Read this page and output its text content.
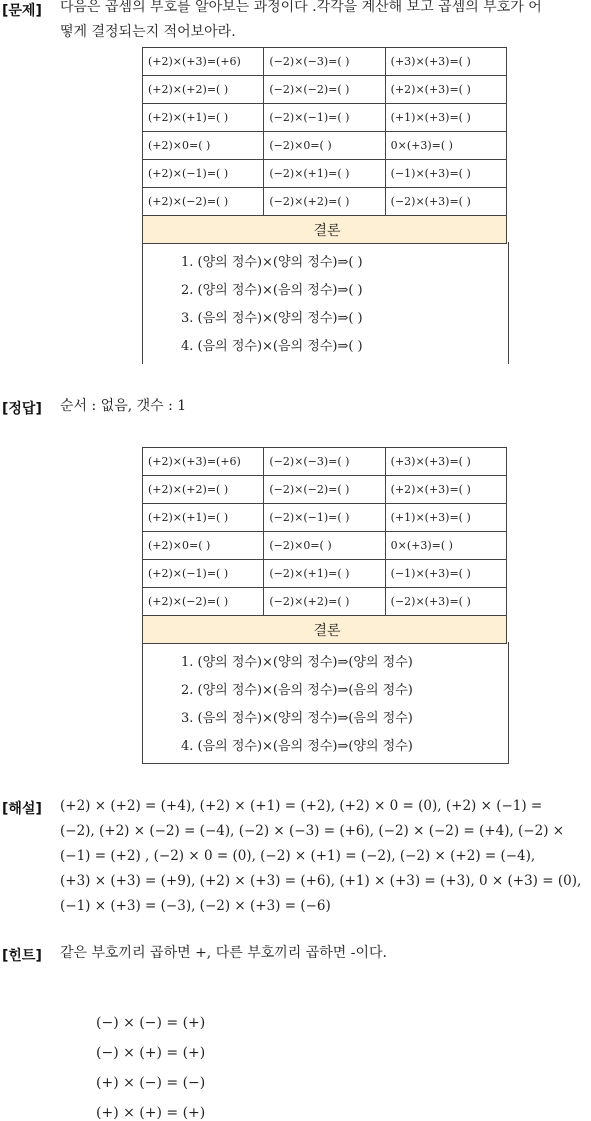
[문제] 다음은 곱셈의 부호를 알아보는 과정이다 .각각을 계산해 보고 곱셈의 부호가 어
떻게 결정되는지 적어보아라.
(+2)×(+3)=(+6)	(−2)×(−3)=( )	(+3)×(+3)=( )
(+2)×(+2)=( )	(−2)×(−2)=( )	(+2)×(+3)=( )
(+2)×(+1)=( )	(−2)×(−1)=( )	(+1)×(+3)=( )
(+2)×0=( )	(−2)×0=( )	0×(+3)=( )
(+2)×(−1)=( )	(−2)×(+1)=( )	(−1)×(+3)=( )
(+2)×(−2)=( )	(−2)×(+2)=( )	(−2)×(+3)=( )
결론		
1. (양의 정수)×(양의 정수)⇒( )
2. (양의 정수)×(음의 정수)⇒( )
3. (음의 정수)×(양의 정수)⇒( )
4. (음의 정수)×(음의 정수)⇒( )
[정답] 순서 : 없음, 갯수 : 1
(+2)×(+3)=(+6)	(−2)×(−3)=( )	(+3)×(+3)=( )
(+2)×(+2)=( )	(−2)×(−2)=( )	(+2)×(+3)=( )
(+2)×(+1)=( )	(−2)×(−1)=( )	(+1)×(+3)=( )
(+2)×0=( )	(−2)×0=( )	0×(+3)=( )
(+2)×(−1)=( )	(−2)×(+1)=( )	(−1)×(+3)=( )
(+2)×(−2)=( )	(−2)×(+2)=( )	(−2)×(+3)=( )
결론		
1. (양의 정수)×(양의 정수)⇒(양의 정수)
2. (양의 정수)×(음의 정수)⇒(음의 정수)
3. (음의 정수)×(양의 정수)⇒(음의 정수)
4. (음의 정수)×(음의 정수)⇒(양의 정수)
[해설] (+2) × (+2) = (+4), (+2) × (+1) = (+2), (+2) × 0 = (0), (+2) × (−1) =
(−2), (+2) × (−2) = (−4), (−2) × (−3) = (+6), (−2) × (−2) = (+4), (−2) ×
(−1) = (+2) , (−2) × 0 = (0), (−2) × (+1) = (−2), (−2) × (+2) = (−4),
(+3) × (+3) = (+9), (+2) × (+3) = (+6), (+1) × (+3) = (+3), 0 × (+3) = (0),
(−1) × (+3) = (−3), (−2) × (+3) = (−6)
[힌트] 같은 부호끼리 곱하면 +, 다른 부호끼리 곱하면 -이다.
(−) × (−) = (+)
(−) × (+) = (+)
(+) × (−) = (−)
(+) × (+) = (+)
